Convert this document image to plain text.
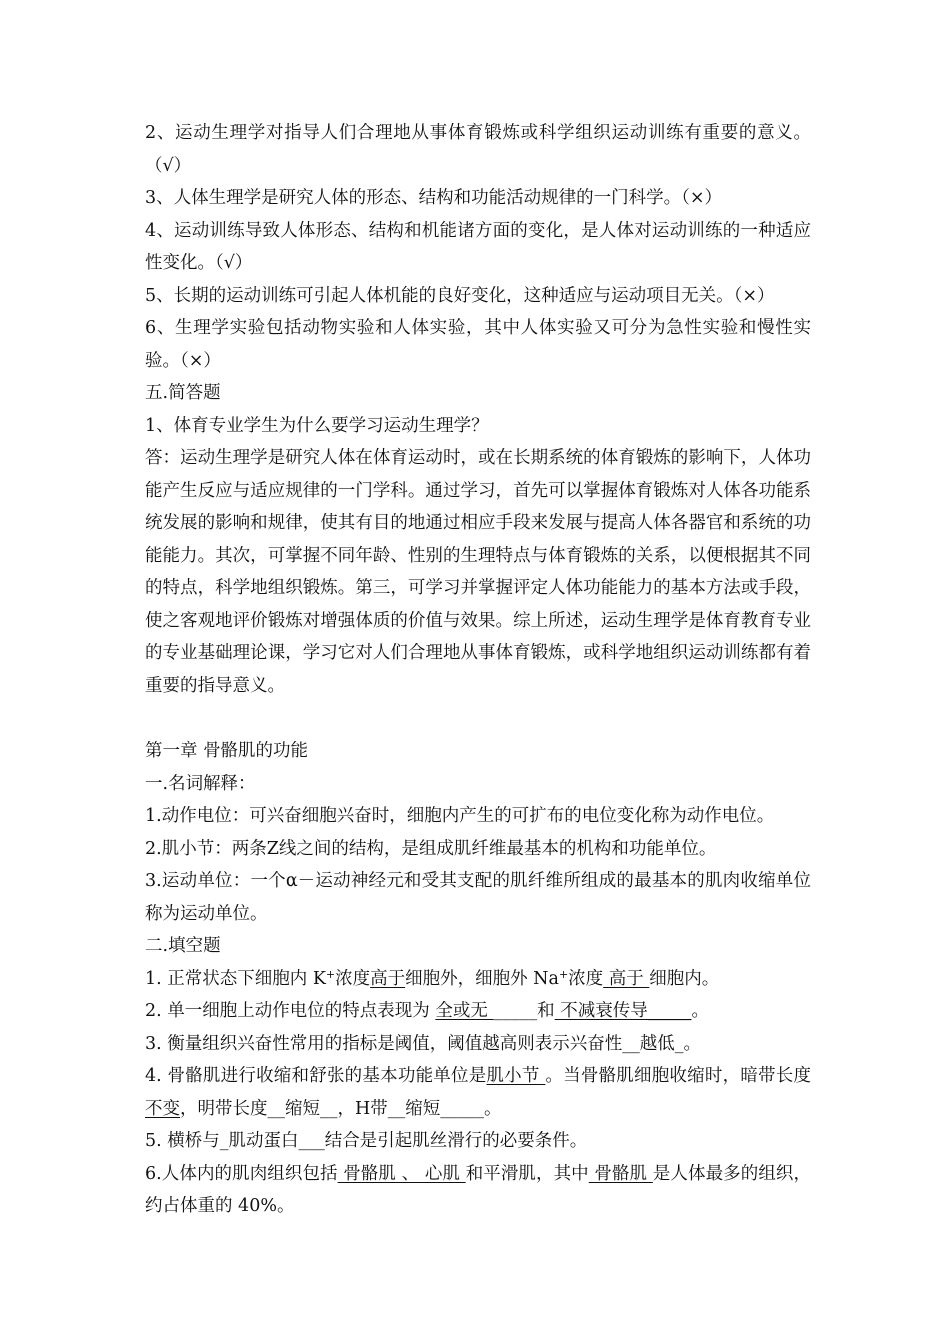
2、运动生理学对指导人们合理地从事体育锻炼或科学组织运动训练有重要的意义。（√）

3、人体生理学是研究人体的形态、结构和功能活动规律的一门科学。（×）

4、运动训练导致人体形态、结构和机能诸方面的变化，是人体对运动训练的一种适应性变化。（√）

5、长期的运动训练可引起人体机能的良好变化，这种适应与运动项目无关。（×）

6、生理学实验包括动物实验和人体实验，其中人体实验又可分为急性实验和慢性实验。（×）

五.简答题

1、体育专业学生为什么要学习运动生理学？

答：运动生理学是研究人体在体育运动时，或在长期系统的体育锻炼的影响下，人体功能产生反应与适应规律的一门学科。通过学习，首先可以掌握体育锻炼对人体各功能系统发展的影响和规律，使其有目的地通过相应手段来发展与提高人体各器官和系统的功能能力。其次，可掌握不同年龄、性别的生理特点与体育锻炼的关系，以便根据其不同的特点，科学地组织锻炼。第三，可学习并掌握评定人体功能能力的基本方法或手段，使之客观地评价锻炼对增强体质的价值与效果。综上所述，运动生理学是体育教育专业的专业基础理论课，学习它对人们合理地从事体育锻炼，或科学地组织运动训练都有着重要的指导意义。

第一章 骨骼肌的功能

一.名词解释：

1.动作电位：可兴奋细胞兴奋时，细胞内产生的可扩布的电位变化称为动作电位。

2.肌小节：两条Z线之间的结构，是组成肌纤维最基本的机构和功能单位。

3.运动单位：一个α－运动神经元和受其支配的肌纤维所组成的最基本的肌肉收缩单位称为运动单位。

二.填空题

1. 正常状态下细胞内 K+浓度高于细胞外，细胞外 Na+浓度 高于 细胞内。

2. 单一细胞上动作电位的特点表现为 全或无 _____和 不减衰传导_____。

3. 衡量组织兴奋性常用的指标是阈值，阈值越高则表示兴奋性__越低_。

4. 骨骼肌进行收缩和舒张的基本功能单位是肌小节 。当骨骼肌细胞收缩时，暗带长度不变，明带长度__缩短__，H带__缩短_____。

5. 横桥与_肌动蛋白___结合是引起肌丝滑行的必要条件。

6.人体内的肌肉组织包括 骨骼肌 、 心肌 和平滑肌，其中 骨骼肌 是人体最多的组织，约占体重的 40%。
